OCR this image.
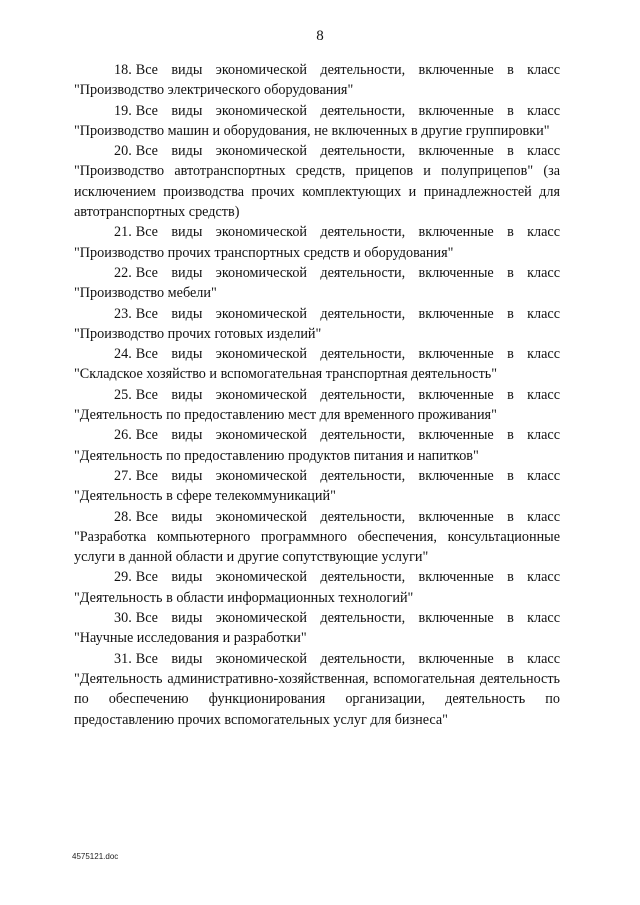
8

18. Все виды экономической деятельности, включенные в класс "Производство электрического оборудования"

19. Все виды экономической деятельности, включенные в класс "Производство машин и оборудования, не включенных в другие группировки"

20. Все виды экономической деятельности, включенные в класс "Производство автотранспортных средств, прицепов и полуприцепов" (за исключением производства прочих комплектующих и принадлежностей для автотранспортных средств)

21. Все виды экономической деятельности, включенные в класс "Производство прочих транспортных средств и оборудования"

22. Все виды экономической деятельности, включенные в класс "Производство мебели"

23. Все виды экономической деятельности, включенные в класс "Производство прочих готовых изделий"

24. Все виды экономической деятельности, включенные в класс "Складское хозяйство и вспомогательная транспортная деятельность"

25. Все виды экономической деятельности, включенные в класс "Деятельность по предоставлению мест для временного проживания"

26. Все виды экономической деятельности, включенные в класс "Деятельность по предоставлению продуктов питания и напитков"

27. Все виды экономической деятельности, включенные в класс "Деятельность в сфере телекоммуникаций"

28. Все виды экономической деятельности, включенные в класс "Разработка компьютерного программного обеспечения, консультационные услуги в данной области и другие сопутствующие услуги"

29. Все виды экономической деятельности, включенные в класс "Деятельность в области информационных технологий"

30. Все виды экономической деятельности, включенные в класс "Научные исследования и разработки"

31. Все виды экономической деятельности, включенные в класс "Деятельность административно-хозяйственная, вспомогательная деятельность по обеспечению функционирования организации, деятельность по предоставлению прочих вспомогательных услуг для бизнеса"

4575121.doc
